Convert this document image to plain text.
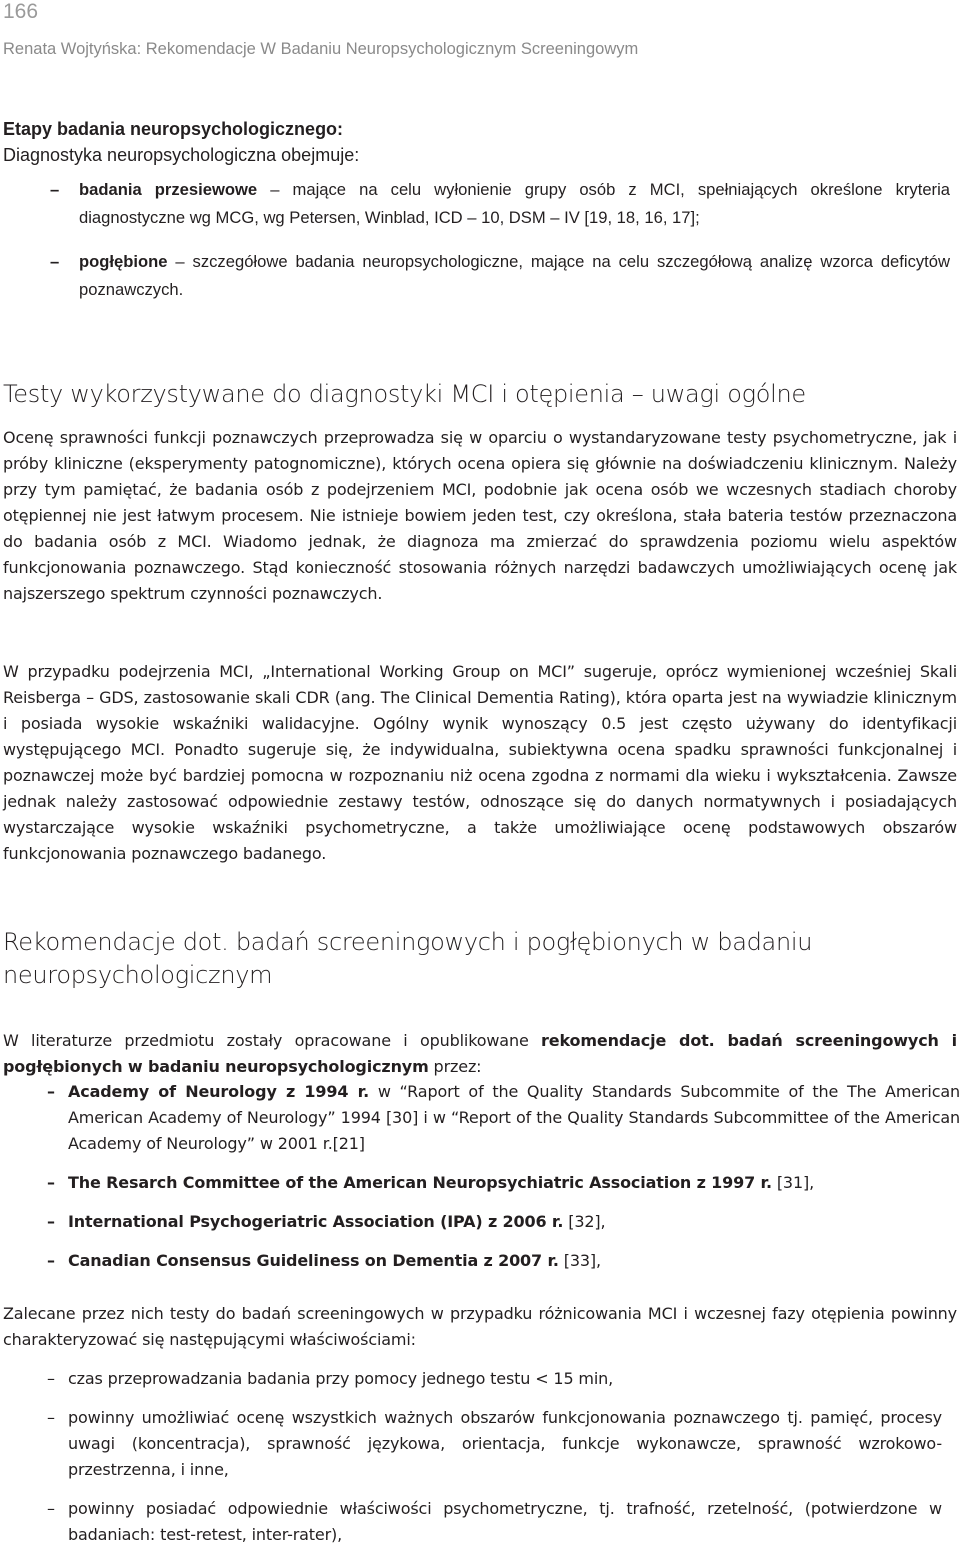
166
Renata Wojtyńska: Rekomendacje W Badaniu Neuropsychologicznym Screeningowym
Etapy badania neuropsychologicznego:
Diagnostyka neuropsychologiczna obejmuje:
–
badania przesiewowe – mające na celu wyłonienie grupy osób z MCI, spełniających określone kryteria diagnostyczne wg MCG, wg Petersen, Winblad, ICD – 10, DSM – IV [19, 18, 16, 17];
–
pogłębione – szczegółowe badania neuropsychologiczne, mające na celu szczegółową analizę wzorca deficytów poznawczych.
Testy wykorzystywane do diagnostyki MCI i otępienia – uwagi ogólne

Ocenę sprawności funkcji poznawczych przeprowadza się w oparciu o wystandaryzowane testy psychometryczne, jak i próby kliniczne (eksperymenty patognomiczne), których ocena opiera się głównie na doświadczeniu klinicznym. Należy przy tym pamiętać, że badania osób z podejrzeniem MCI, podobnie jak ocena osób we wczesnych stadiach choroby otępiennej nie jest łatwym procesem. Nie istnieje bowiem jeden test, czy określona, stała bateria testów przeznaczona do badania osób z MCI. Wiadomo jednak, że diagnoza ma zmierzać do sprawdzenia poziomu wielu aspektów funkcjonowania poznawczego. Stąd konieczność stosowania różnych narzędzi badawczych umożliwiających ocenę jak najszerszego spektrum czynności poznawczych.

W przypadku podejrzenia MCI, „International Working Group on MCI” sugeruje, oprócz wymienionej wcześniej Skali Reisberga – GDS, zastosowanie skali CDR (ang. The Clinical Dementia Rating), która oparta jest na wywiadzie klinicznym i posiada wysokie wskaźniki walidacyjne. Ogólny wynik wynoszący 0.5 jest często używany do identyfikacji występującego MCI. Ponadto sugeruje się, że indywidualna, subiektywna ocena spadku sprawności funkcjonalnej i poznawczej może być bardziej pomocna w rozpoznaniu niż ocena zgodna z normami dla wieku i wykształcenia. Zawsze jednak należy zastosować odpowiednie zestawy testów, odnoszące się do danych normatywnych i posiadających wystarczające wysokie wskaźniki psychometryczne, a także umożliwiające ocenę podstawowych obszarów funkcjonowania poznawczego badanego.

Rekomendacje dot. badań screeningowych i pogłębionych w badaniu neuropsychologicznym

W literaturze przedmiotu zostały opracowane i opublikowane rekomendacje dot. badań screeningowych i pogłębionych w badaniu neuropsychologicznym przez:

–
Academy of Neurology z 1994 r. w “Raport of the Quality Standards Subcommite of the The American American Academy of Neurology” 1994 [30] i w “Report of the Quality Standards Subcommittee of the American Academy of Neurology” w 2001 r.[21]
–
The Resarch Committee of the American Neuropsychiatric Association z 1997 r. [31],
–
International Psychogeriatric Association (IPA) z 2006 r. [32],
–
Canadian Consensus Guideliness on Dementia z 2007 r. [33],

Zalecane przez nich testy do badań screeningowych w przypadku różnicowania MCI i wczesnej fazy otępienia powinny charakteryzować się następującymi właściwościami:

–
czas przeprowadzania badania przy pomocy jednego testu < 15 min,
–
powinny umożliwiać ocenę wszystkich ważnych obszarów funkcjonowania poznawczego tj. pamięć, procesy uwagi (koncentracja), sprawność językowa, orientacja, funkcje wykonawcze, sprawność wzrokowo-przestrzenna, i inne,
–
powinny posiadać odpowiednie właściwości psychometryczne, tj. trafność, rzetelność, (potwierdzone w badaniach: test-retest, inter-rater),
